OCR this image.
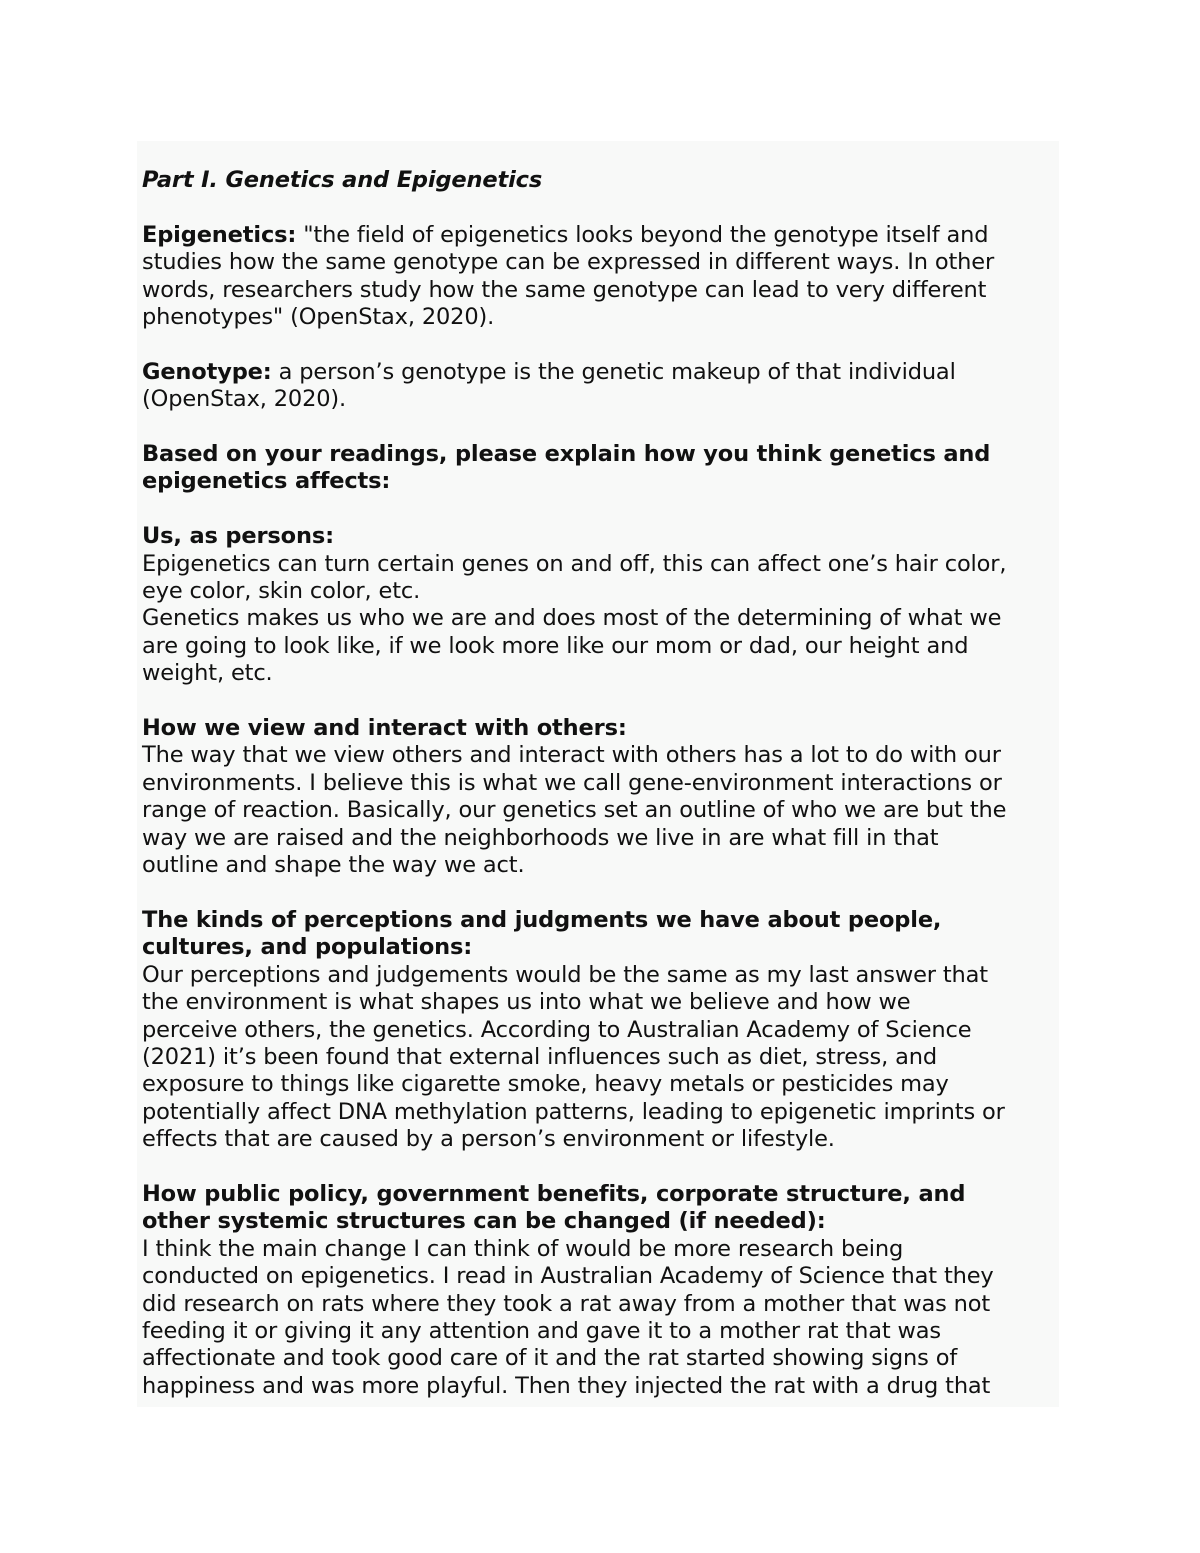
Part I. Genetics and Epigenetics

Epigenetics: "the field of epigenetics looks beyond the genotype itself and
studies how the same genotype can be expressed in different ways. In other
words, researchers study how the same genotype can lead to very different
phenotypes" (OpenStax, 2020).

Genotype: a person’s genotype is the genetic makeup of that individual
(OpenStax, 2020).

Based on your readings, please explain how you think genetics and
epigenetics affects:

Us, as persons:

Epigenetics can turn certain genes on and off, this can affect one’s hair color,
eye color, skin color, etc.

Genetics makes us who we are and does most of the determining of what we
are going to look like, if we look more like our mom or dad, our height and
weight, etc.

How we view and interact with others:

The way that we view others and interact with others has a lot to do with our
environments. I believe this is what we call gene-environment interactions or
range of reaction. Basically, our genetics set an outline of who we are but the
way we are raised and the neighborhoods we live in are what fill in that
outline and shape the way we act.

The kinds of perceptions and judgments we have about people,
cultures, and populations:

Our perceptions and judgements would be the same as my last answer that
the environment is what shapes us into what we believe and how we
perceive others, the genetics. According to Australian Academy of Science
(2021) it’s been found that external influences such as diet, stress, and
exposure to things like cigarette smoke, heavy metals or pesticides may
potentially affect DNA methylation patterns, leading to epigenetic imprints or
effects that are caused by a person’s environment or lifestyle.

How public policy, government benefits, corporate structure, and
other systemic structures can be changed (if needed):

I think the main change I can think of would be more research being
conducted on epigenetics. I read in Australian Academy of Science that they
did research on rats where they took a rat away from a mother that was not
feeding it or giving it any attention and gave it to a mother rat that was
affectionate and took good care of it and the rat started showing signs of
happiness and was more playful. Then they injected the rat with a drug that
